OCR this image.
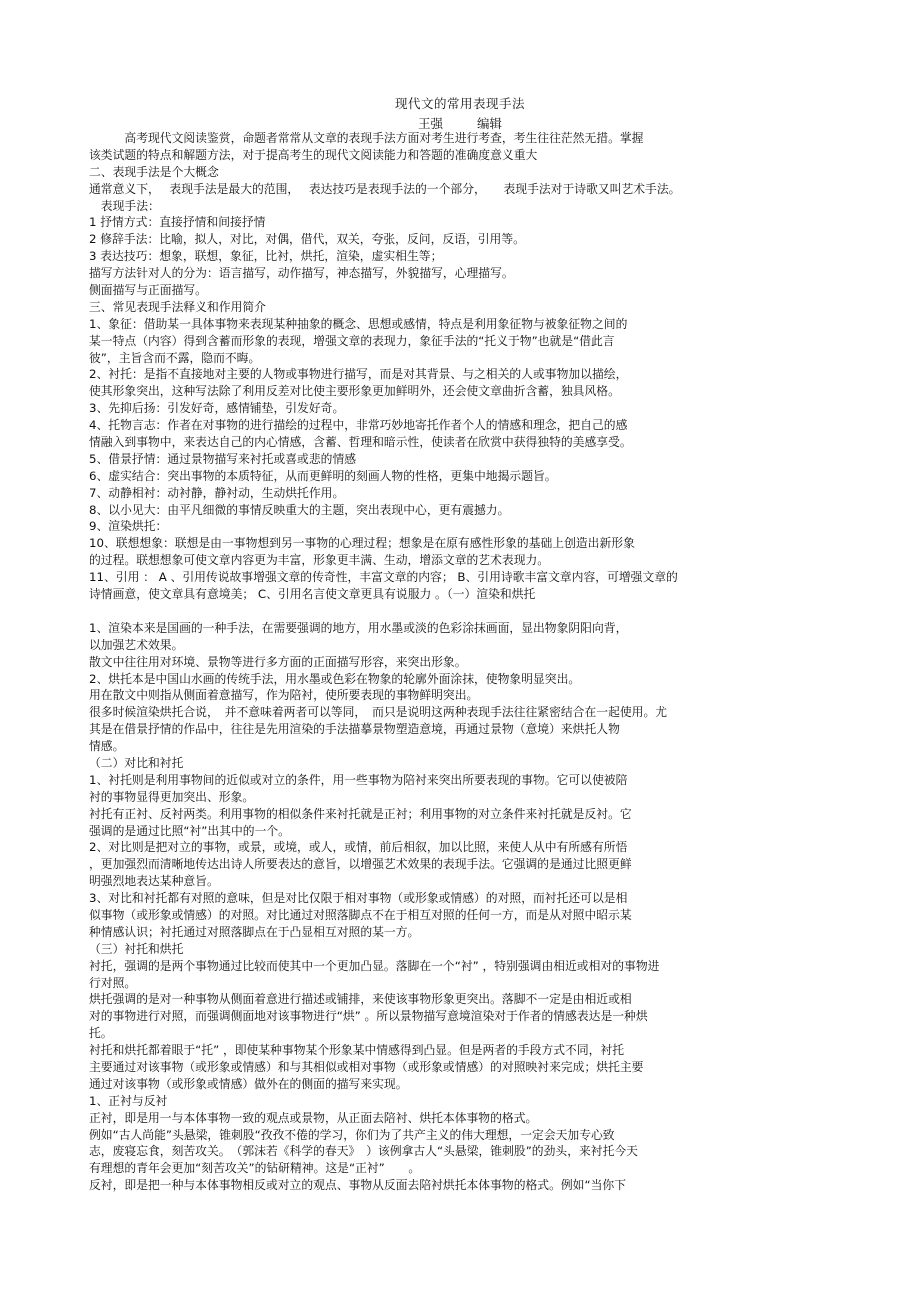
现代文的常用表现手法
王强	编辑
　　　高考现代文阅读鉴赏，命题者常常从文章的表现手法方面对考生进行考查，考生往往茫然无措。掌握
该类试题的特点和解题方法，对于提高考生的现代文阅读能力和答题的准确度意义重大
二、表现手法是个大概念
通常意义下，　 表现手法是最大的范围，　 表达技巧是表现手法的一个部分，　　表现手法对于诗歌又叫艺术手法。
　表现手法：
1 抒情方式：直接抒情和间接抒情
2 修辞手法：比喻，拟人，对比，对偶，借代，双关，夸张，反问，反语，引用等。
3 表达技巧：想象，联想，象征，比衬，烘托，渲染，虚实相生等；
描写方法针对人的分为：语言描写，动作描写，神态描写，外貌描写，心理描写。
侧面描写与正面描写。
三、常见表现手法释义和作用简介
1、象征：借助某一具体事物来表现某种抽象的概念、思想或感情，特点是利用象征物与被象征物之间的
某一特点（内容）得到含蓄而形象的表现，增强文章的表现力，象征手法的“托义于物”也就是“借此言
彼”，主旨含而不露，隐而不晦。
2、衬托：是指不直接地对主要的人物或事物进行描写，而是对其背景、与之相关的人或事物加以描绘，
使其形象突出，这种写法除了利用反差对比使主要形象更加鲜明外，还会使文章曲折含蓄，独具风格。
3、先抑后扬：引发好奇，感情铺垫，引发好奇。
4、托物言志：作者在对事物的进行描绘的过程中，非常巧妙地寄托作者个人的情感和理念，把自己的感
情融入到事物中，来表达自己的内心情感，含蓄、哲理和暗示性，使读者在欣赏中获得独特的美感享受。
5、借景抒情：通过景物描写来衬托或喜或悲的情感
6、虚实结合：突出事物的本质特征，从而更鲜明的刻画人物的性格，更集中地揭示题旨。
7、动静相衬：动衬静，静衬动，生动烘托作用。
8、以小见大：由平凡细微的事情反映重大的主题，突出表现中心，更有震撼力。
9、渲染烘托：
10、联想想象：联想是由一事物想到另一事物的心理过程；想象是在原有感性形象的基础上创造出新形象
的过程。联想想象可使文章内容更为丰富，形象更丰满、生动，增添文章的艺术表现力。
11、引用 ： A 、引用传说故事增强文章的传奇性，丰富文章的内容； B、引用诗歌丰富文章内容，可增强文章的
诗情画意，使文章具有意境美； C、引用名言使文章更具有说服力 。（一）渲染和烘托
1、渲染本来是国画的一种手法，在需要强调的地方，用水墨或淡的色彩涂抹画面，显出物象阴阳向背，
以加强艺术效果。
散文中往往用对环境、景物等进行多方面的正面描写形容，来突出形象。
2、烘托本是中国山水画的传统手法，用水墨或色彩在物象的轮廓外面涂抹，使物象明显突出。
用在散文中则指从侧面着意描写，作为陪衬，使所要表现的事物鲜明突出。
很多时候渲染烘托合说，　并不意味着两者可以等同，　而只是说明这两种表现手法往往紧密结合在一起使用。尤
其是在借景抒情的作品中，往往是先用渲染的手法描摹景物塑造意境，再通过景物（意境）来烘托人物
情感。
（二）对比和衬托
1、衬托则是利用事物间的近似或对立的条件，用一些事物为陪衬来突出所要表现的事物。它可以使被陪
衬的事物显得更加突出、形象。
衬托有正衬、反衬两类。利用事物的相似条件来衬托就是正衬；利用事物的对立条件来衬托就是反衬。它
强调的是通过比照“衬”出其中的一个。
2、对比则是把对立的事物，或景，或境，或人，或情，前后相叙，加以比照，来使人从中有所感有所悟
，更加强烈而清晰地传达出诗人所要表达的意旨，以增强艺术效果的表现手法。它强调的是通过比照更鲜
明强烈地表达某种意旨。
3、对比和衬托都有对照的意味，但是对比仅限于相对事物（或形象或情感）的对照，而衬托还可以是相
似事物（或形象或情感）的对照。对比通过对照落脚点不在于相互对照的任何一方，而是从对照中昭示某
种情感认识；衬托通过对照落脚点在于凸显相互对照的某一方。
（三）衬托和烘托
衬托，强调的是两个事物通过比较而使其中一个更加凸显。落脚在一个“衬” ，特别强调由相近或相对的事物进
行对照。
烘托强调的是对一种事物从侧面着意进行描述或铺排，来使该事物形象更突出。落脚不一定是由相近或相
对的事物进行对照，而强调侧面地对该事物进行“烘” 。所以景物描写意境渲染对于作者的情感表达是一种烘
托。
衬托和烘托都着眼于“托” ，即使某种事物某个形象某中情感得到凸显。但是两者的手段方式不同，衬托
主要通过对该事物（或形象或情感）和与其相似或相对事物（或形象或情感）的对照映衬来完成；烘托主要
通过对该事物（或形象或情感）做外在的侧面的描写来实现。
1、正衬与反衬
正衬，即是用一与本体事物一致的观点或景物，从正面去陪衬、烘托本体事物的格式。
例如“古人尚能”头悬梁，锥刺股“孜孜不倦的学习，你们为了共产主义的伟大理想，一定会天加专心致
志，废寝忘食，刻苦攻关。　（郭沫若《科学的春天》　）该例拿古人“头悬梁，锥刺股”的劲头，来衬托今天
有理想的青年会更加“刻苦攻关”的钻研精神。这是“正衬”　　。
反衬，即是把一种与本体事物相反或对立的观点、事物从反面去陪衬烘托本体事物的格式。例如“当你下
